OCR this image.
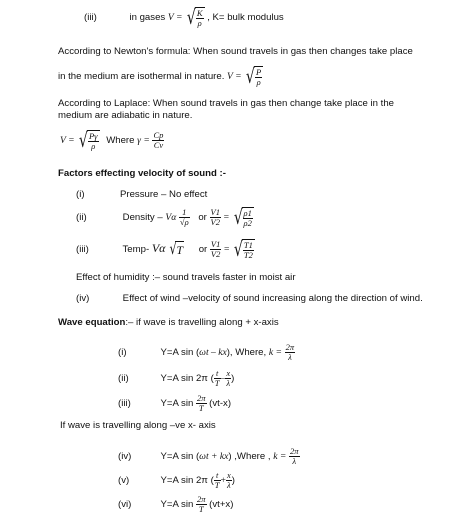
(iii)	in gases V = √ $\frac{K}{\rho}$ , K= bulk modulus
According to Newton's formula: When sound travels in gas then changes take place
in the medium are isothermal in nature. V = √ $\frac{P}{\rho}$
According to Laplace: When sound travels in gas then change take place in the
medium are adiabatic in nature.
V = √ $\frac{P\gamma}{\rho}$ Where $\gamma = \frac{Cp}{Cv}$
Factors effecting velocity of sound :-
(i)	Pressure – No effect
(ii)	Density – Vα $\frac{1}{√\rho}$ or $\frac{V1}{V2}$ = √ $\frac{\rho 1}{\rho 2}$
(iii)	Temp- Vα √ T or $\frac{V1}{V2}$ = √ $\frac{T1}{T2}$
Effect of humidity :– sound travels faster in moist air
(iv)	Effect of wind –velocity of sound increasing along the direction of wind.
Wave equation:– if wave is travelling along + x-axis
(i)	Y=A sin (ωt – kx), Where, $k = \frac{2\pi}{\lambda}$
(ii)	Y=A sin 2π ( $\frac{t}{T} - \frac{x}{\lambda}$ )
(iii)	Y=A $\sin \frac{2\pi}{T} (vt-x)$
If wave is travelling along –ve x- axis
(iv)	Y=A sin (ωt + kx) ,Where , $k = \frac{2\pi}{\lambda}$
(v)	Y=A sin 2π ( $\frac{t}{T} + \frac{x}{\lambda}$ )
(vi)	Y=A $\sin \frac{2\pi}{T} (vt+x)$
